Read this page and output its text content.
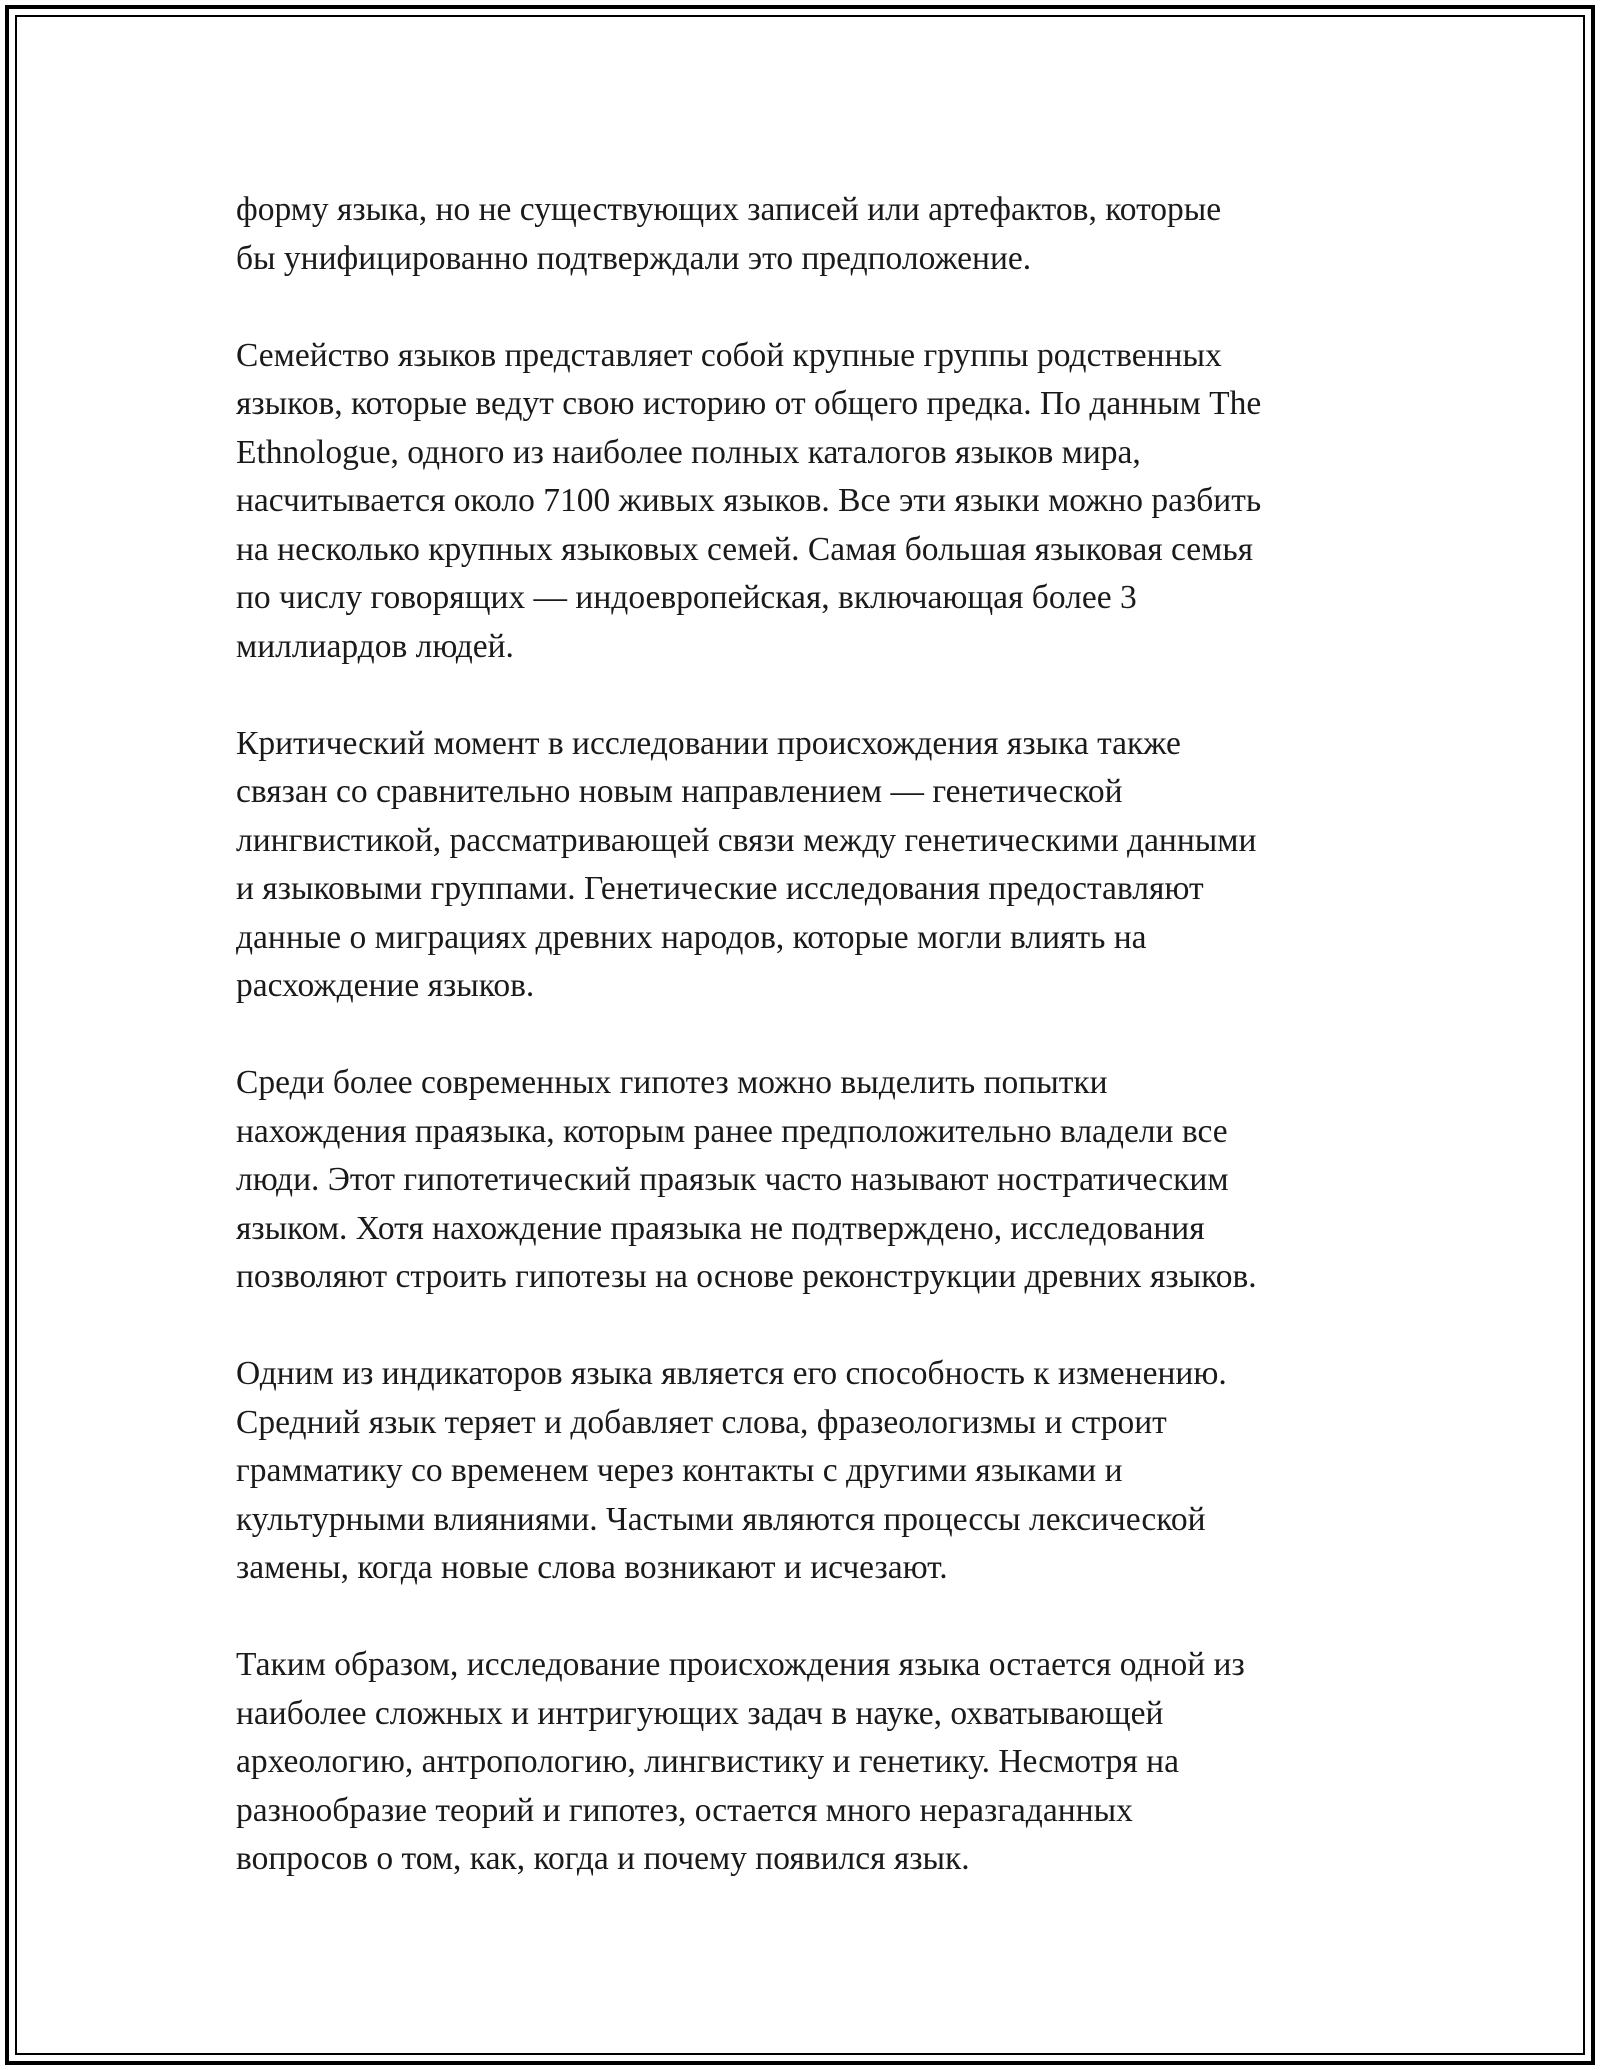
форму языка, но не существующих записей или артефактов, которые
бы унифицированно подтверждали это предположение.

Семейство языков представляет собой крупные группы родственных
языков, которые ведут свою историю от общего предка. По данным The
Ethnologue, одного из наиболее полных каталогов языков мира,
насчитывается около 7100 живых языков. Все эти языки можно разбить
на несколько крупных языковых семей. Самая большая языковая семья
по числу говорящих — индоевропейская, включающая более 3
миллиардов людей.

Критический момент в исследовании происхождения языка также
связан со сравнительно новым направлением — генетической
лингвистикой, рассматривающей связи между генетическими данными
и языковыми группами. Генетические исследования предоставляют
данные о миграциях древних народов, которые могли влиять на
расхождение языков.

Среди более современных гипотез можно выделить попытки
нахождения праязыка, которым ранее предположительно владели все
люди. Этот гипотетический праязык часто называют ностратическим
языком. Хотя нахождение праязыка не подтверждено, исследования
позволяют строить гипотезы на основе реконструкции древних языков.

Одним из индикаторов языка является его способность к изменению.
Средний язык теряет и добавляет слова, фразеологизмы и строит
грамматику со временем через контакты с другими языками и
культурными влияниями. Частыми являются процессы лексической
замены, когда новые слова возникают и исчезают.

Таким образом, исследование происхождения языка остается одной из
наиболее сложных и интригующих задач в науке, охватывающей
археологию, антропологию, лингвистику и генетику. Несмотря на
разнообразие теорий и гипотез, остается много неразгаданных
вопросов о том, как, когда и почему появился язык.
